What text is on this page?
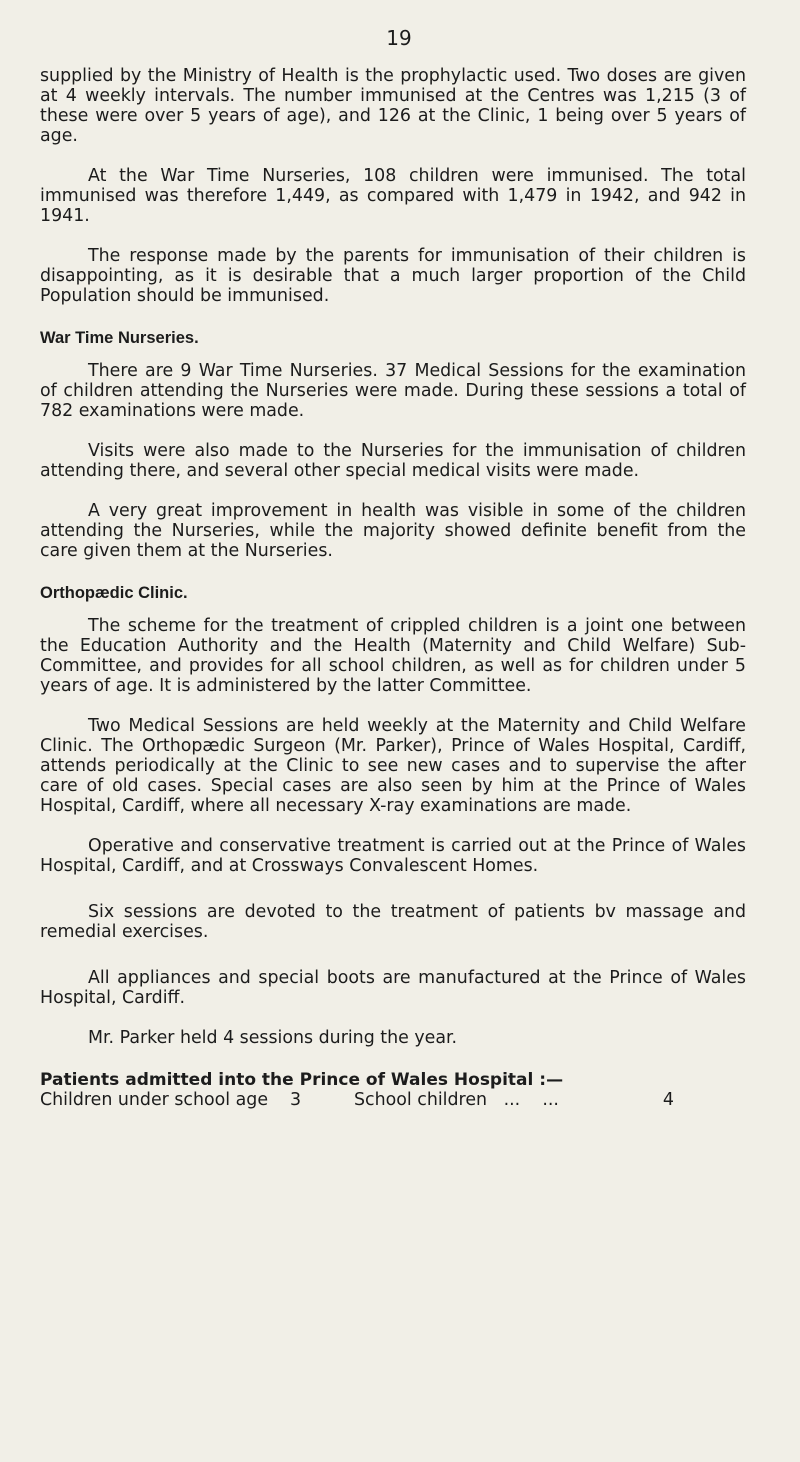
19

supplied by the Ministry of Health is the prophylactic used. Two doses are given at 4 weekly intervals. The number immunised at the Centres was 1,215 (3 of these were over 5 years of age), and 126 at the Clinic, 1 being over 5 years of age.

At the War Time Nurseries, 108 children were immunised. The total immunised was therefore 1,449, as compared with 1,479 in 1942, and 942 in 1941.

The response made by the parents for immunisation of their children is disappointing, as it is desirable that a much larger proportion of the Child Population should be immunised.

War Time Nurseries.

There are 9 War Time Nurseries. 37 Medical Sessions for the examination of children attending the Nurseries were made. During these sessions a total of 782 examinations were made.

Visits were also made to the Nurseries for the immunisation of children attending there, and several other special medical visits were made.

A very great improvement in health was visible in some of the children attending the Nurseries, while the majority showed definite benefit from the care given them at the Nurseries.

Orthopædic Clinic.

The scheme for the treatment of crippled children is a joint one between the Education Authority and the Health (Maternity and Child Welfare) Sub-Committee, and provides for all school children, as well as for children under 5 years of age. It is administered by the latter Committee.

Two Medical Sessions are held weekly at the Maternity and Child Welfare Clinic. The Orthopædic Surgeon (Mr. Parker), Prince of Wales Hospital, Cardiff, attends periodically at the Clinic to see new cases and to supervise the after care of old cases. Special cases are also seen by him at the Prince of Wales Hospital, Cardiff, where all necessary X-ray examinations are made.

Operative and conservative treatment is carried out at the Prince of Wales Hospital, Cardiff, and at Crossways Convalescent Homes.

Six sessions are devoted to the treatment of patients bv massage and remedial exercises.

All appliances and special boots are manufactured at the Prince of Wales Hospital, Cardiff.

Mr. Parker held 4 sessions during the year.

Patients admitted into the Prince of Wales Hospital :—
Children under school age	3	School children   ...    ...	4
